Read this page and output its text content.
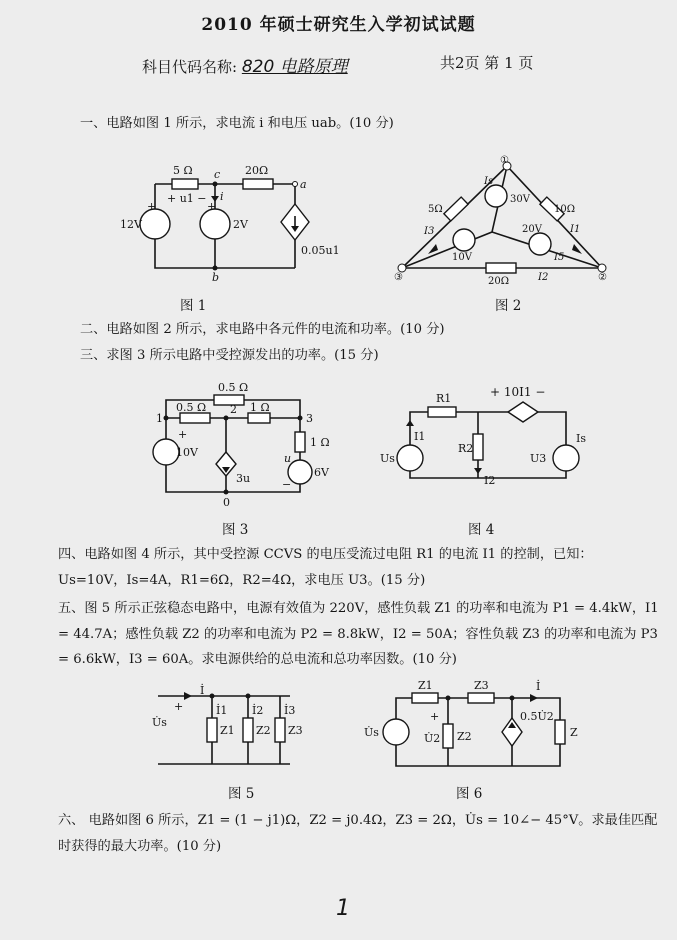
2010 年硕士研究生入学初试试题
科目代码名称: 820 电路原理	共2页 第 1 页
一、电路如图 1 所示，求电流 i 和电压 uab。(10 分)
5 Ω	20Ω
+ u1 −
12V	2V
0.05u1
a
b
c
i
+	+
图 1
①
②
③
5Ω	10Ω
20Ω
30V
10V
20V
Is
I1
I2
I3
I5
图 2
二、电路如图 2 所示，求电路中各元件的电流和功率。(10 分)
三、求图 3 所示电路中受控源发出的功率。(15 分)
0.5 Ω
0.5 Ω	1 Ω
1 Ω
10V
6V
1
2
3
0
u
3u
+
−
图 3
R1
R2
Us	U3
Is
I1
I2
+ 10I1 −
图 4
四、电路如图 4 所示，其中受控源 CCVS 的电压受流过电阻 R1 的电流 I1 的控制，已知：Us=10V，Is=4A，R1=6Ω，R2=4Ω，求电压 U3。(15 分)
五、图 5 所示正弦稳态电路中，电源有效值为 220V，感性负载 Z1 的功率和电流为 P1 = 4.4kW，I1 = 44.7A；感性负载 Z2 的功率和电流为 P2 = 8.8kW，I2 = 50A；容性负载 Z3 的功率和电流为 P3 = 6.6kW，I3 = 60A。求电源供给的总电流和总功率因数。(10 分)
U̇s
+
İ
İ1 İ2 İ3
Z1 Z2 Z3
图 5
Z1	Z3
Z2	Z
U̇s	U̇2
0.5U̇2
İ
+
图 6
六、 电路如图 6 所示，Z1 = (1 − j1)Ω，Z2 = j0.4Ω，Z3 = 2Ω，U̇s = 10∠− 45°V。求最佳匹配时获得的最大功率。(10 分)
1
